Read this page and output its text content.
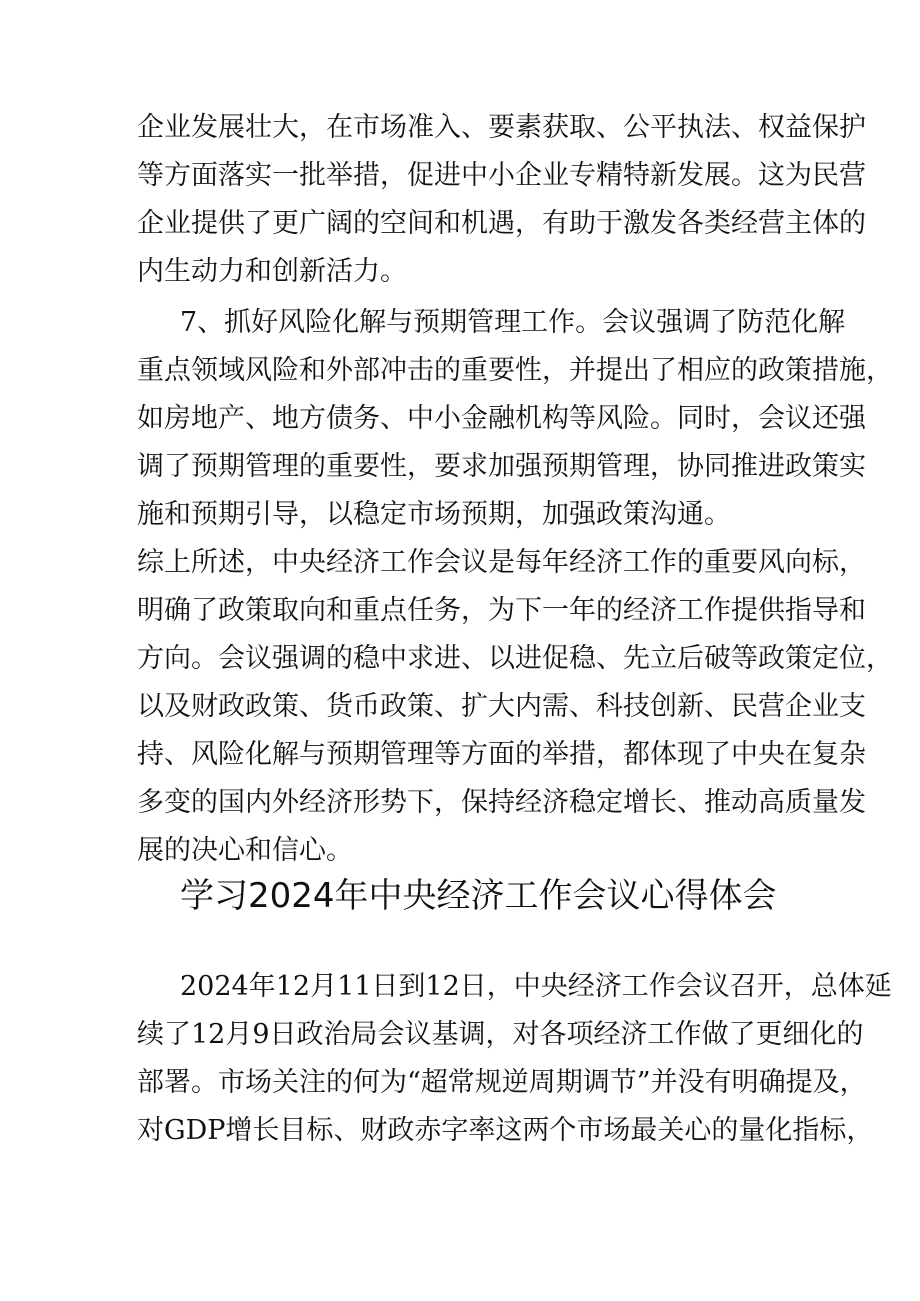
企业发展壮大，在市场准入、要素获取、公平执法、权益保护
等方面落实一批举措，促进中小企业专精特新发展。这为民营
企业提供了更广阔的空间和机遇，有助于激发各类经营主体的
内生动力和创新活力。
7、抓好风险化解与预期管理工作。会议强调了防范化解
重点领域风险和外部冲击的重要性，并提出了相应的政策措施，
如房地产、地方债务、中小金融机构等风险。同时，会议还强
调了预期管理的重要性，要求加强预期管理，协同推进政策实
施和预期引导，以稳定市场预期，加强政策沟通。
综上所述，中央经济工作会议是每年经济工作的重要风向标，
明确了政策取向和重点任务，为下一年的经济工作提供指导和
方向。会议强调的稳中求进、以进促稳、先立后破等政策定位，
以及财政政策、货币政策、扩大内需、科技创新、民营企业支
持、风险化解与预期管理等方面的举措，都体现了中央在复杂
多变的国内外经济形势下，保持经济稳定增长、推动高质量发
展的决心和信心。
学习2024年中央经济工作会议心得体会
2024年12月11日到12日，中央经济工作会议召开，总体延
续了12月9日政治局会议基调，对各项经济工作做了更细化的
部署。市场关注的何为“超常规逆周期调节”并没有明确提及，
对GDP增长目标、财政赤字率这两个市场最关心的量化指标，
